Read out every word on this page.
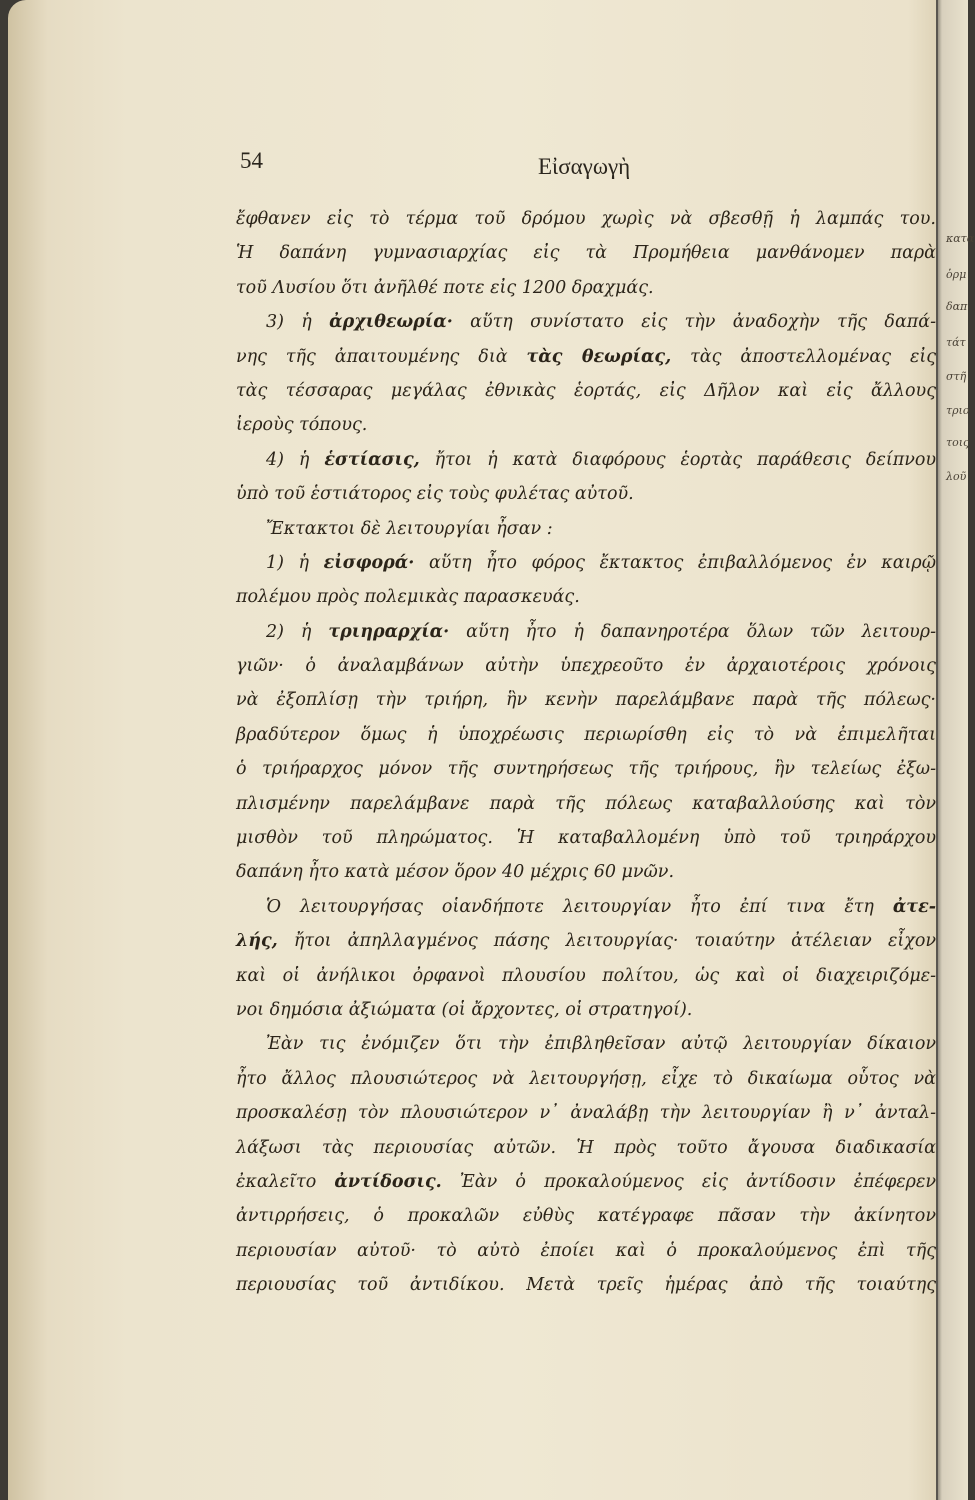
κατα
ὁρμ
δαπ
τάτ
στῆ
τριο
τοις
λοῦ
54	Εἰσαγωγὴ
ἔφθανεν εἰς τὸ τέρμα τοῦ δρόμου χωρὶς νὰ σβεσθῇ ἡ λαμπάς του.
Ἡ δαπάνη γυμνασιαρχίας εἰς τὰ Προμήθεια μανθάνομεν παρὰ
τοῦ Λυσίου ὅτι ἀνῆλθέ ποτε εἰς 1200 δραχμάς.
3) ἡ ἀρχιθεωρία· αὕτη συνίστατο εἰς τὴν ἀναδοχὴν τῆς δαπά-
νης τῆς ἀπαιτουμένης διὰ τὰς θεωρίας, τὰς ἀποστελλομένας εἰς
τὰς τέσσαρας μεγάλας ἐθνικὰς ἑορτάς, εἰς Δῆλον καὶ εἰς ἄλλους
ἱεροὺς τόπους.
4) ἡ ἑστίασις, ἤτοι ἡ κατὰ διαφόρους ἑορτὰς παράθεσις δείπνου
ὑπὸ τοῦ ἑστιάτορος εἰς τοὺς φυλέτας αὐτοῦ.
Ἔκτακτοι δὲ λειτουργίαι ἦσαν :
1) ἡ εἰσφορά· αὕτη ἦτο φόρος ἔκτακτος ἐπιβαλλόμενος ἐν καιρῷ
πολέμου πρὸς πολεμικὰς παρασκευάς.
2) ἡ τριηραρχία· αὕτη ἦτο ἡ δαπανηροτέρα ὅλων τῶν λειτουρ-
γιῶν· ὁ ἀναλαμβάνων αὐτὴν ὑπεχρεοῦτο ἐν ἀρχαιοτέροις χρόνοις
νὰ ἐξοπλίσῃ τὴν τριήρη, ἣν κενὴν παρελάμβανε παρὰ τῆς πόλεως·
βραδύτερον ὅμως ἡ ὑποχρέωσις περιωρίσθη εἰς τὸ νὰ ἐπιμελῆται
ὁ τριήραρχος μόνον τῆς συντηρήσεως τῆς τριήρους, ἣν τελείως ἐξω-
πλισμένην παρελάμβανε παρὰ τῆς πόλεως καταβαλλούσης καὶ τὸν
μισθὸν τοῦ πληρώματος. Ἡ καταβαλλομένη ὑπὸ τοῦ τριηράρχου
δαπάνη ἦτο κατὰ μέσον ὅρον 40 μέχρις 60 μνῶν.
Ὁ λειτουργήσας οἱανδήποτε λειτουργίαν ἦτο ἐπί τινα ἔτη ἀτε-
λής, ἤτοι ἀπηλλαγμένος πάσης λειτουργίας· τοιαύτην ἀτέλειαν εἶχον
καὶ οἱ ἀνήλικοι ὀρφανοὶ πλουσίου πολίτου, ὡς καὶ οἱ διαχειριζόμε-
νοι δημόσια ἀξιώματα (οἱ ἄρχοντες, οἱ στρατηγοί).
Ἐὰν τις ἐνόμιζεν ὅτι τὴν ἐπιβληθεῖσαν αὐτῷ λειτουργίαν δίκαιον
ἦτο ἄλλος πλουσιώτερος νὰ λειτουργήσῃ, εἶχε τὸ δικαίωμα οὗτος νὰ
προσκαλέσῃ τὸν πλουσιώτερον ν᾽ ἀναλάβῃ τὴν λειτουργίαν ἢ ν᾽ ἀνταλ-
λάξωσι τὰς περιουσίας αὐτῶν. Ἡ πρὸς τοῦτο ἄγουσα διαδικασία
ἐκαλεῖτο ἀντίδοσις. Ἐὰν ὁ προκαλούμενος εἰς ἀντίδοσιν ἐπέφερεν
ἀντιρρήσεις, ὁ προκαλῶν εὐθὺς κατέγραφε πᾶσαν τὴν ἀκίνητον
περιουσίαν αὐτοῦ· τὸ αὐτὸ ἐποίει καὶ ὁ προκαλούμενος ἐπὶ τῆς
περιουσίας τοῦ ἀντιδίκου. Μετὰ τρεῖς ἡμέρας ἀπὸ τῆς τοιαύτης
